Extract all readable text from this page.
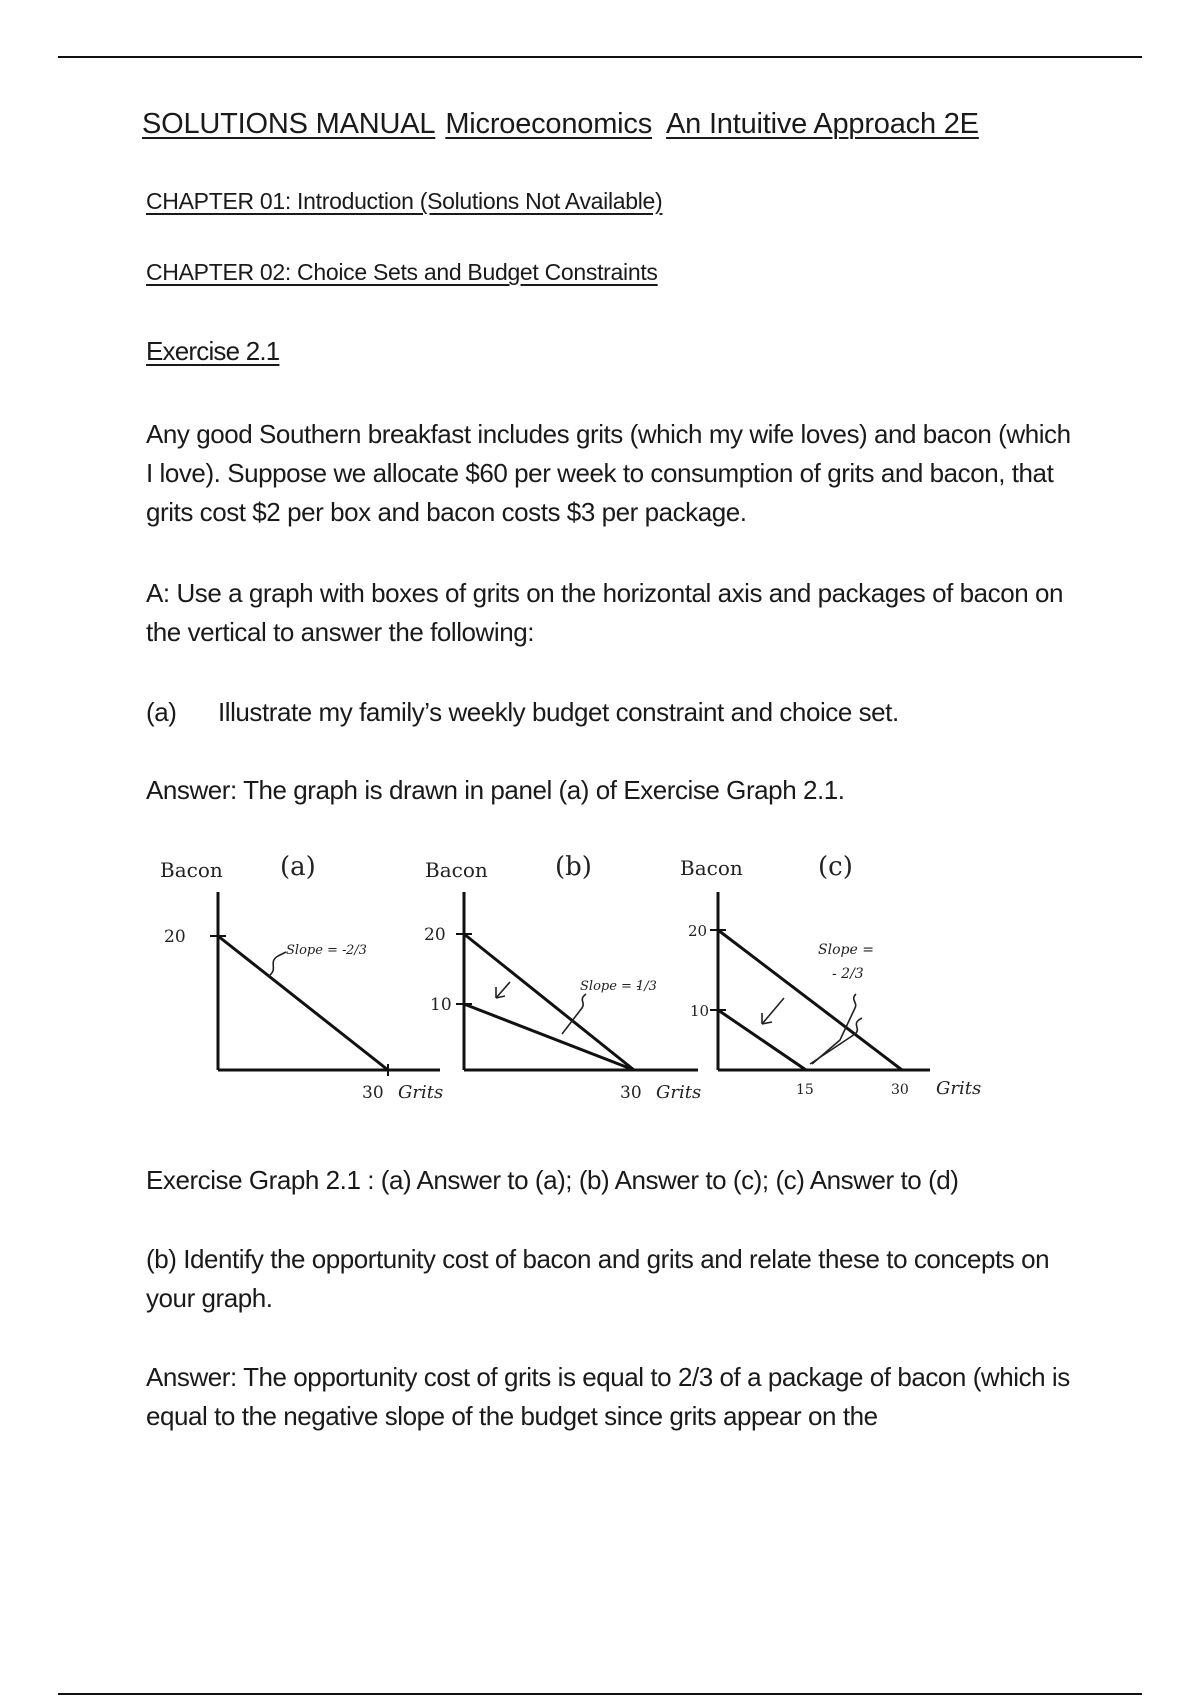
SOLUTIONS MANUAL Microeconomics An Intuitive Approach 2E
CHAPTER 01: Introduction (Solutions Not Available)
CHAPTER 02: Choice Sets and Budget Constraints
Exercise 2.1
Any good Southern breakfast includes grits (which my wife loves) and bacon (which I love). Suppose we allocate $60 per week to consumption of grits and bacon, that grits cost $2 per box and bacon costs $3 per package.
A: Use a graph with boxes of grits on the horizontal axis and packages of bacon on the vertical to answer the following:
(a) Illustrate my family’s weekly budget constraint and choice set.
Answer: The graph is drawn in panel (a) of Exercise Graph 2.1.
Exercise Graph 2.1 : (a) Answer to (a); (b) Answer to (c); (c) Answer to (d)
(b) Identify the opportunity cost of bacon and grits and relate these to concepts on your graph.
Answer: The opportunity cost of grits is equal to 2/3 of a package of bacon (which is equal to the negative slope of the budget since grits appear on the
Bacon (a)
20
30 Grits
Slope = - 2/3
Bacon	(b)
20
10
30 Grits
Slope = -
1/3
Bacon	(c)
20
10
15	30 Grits
Slope =
- 2/3
